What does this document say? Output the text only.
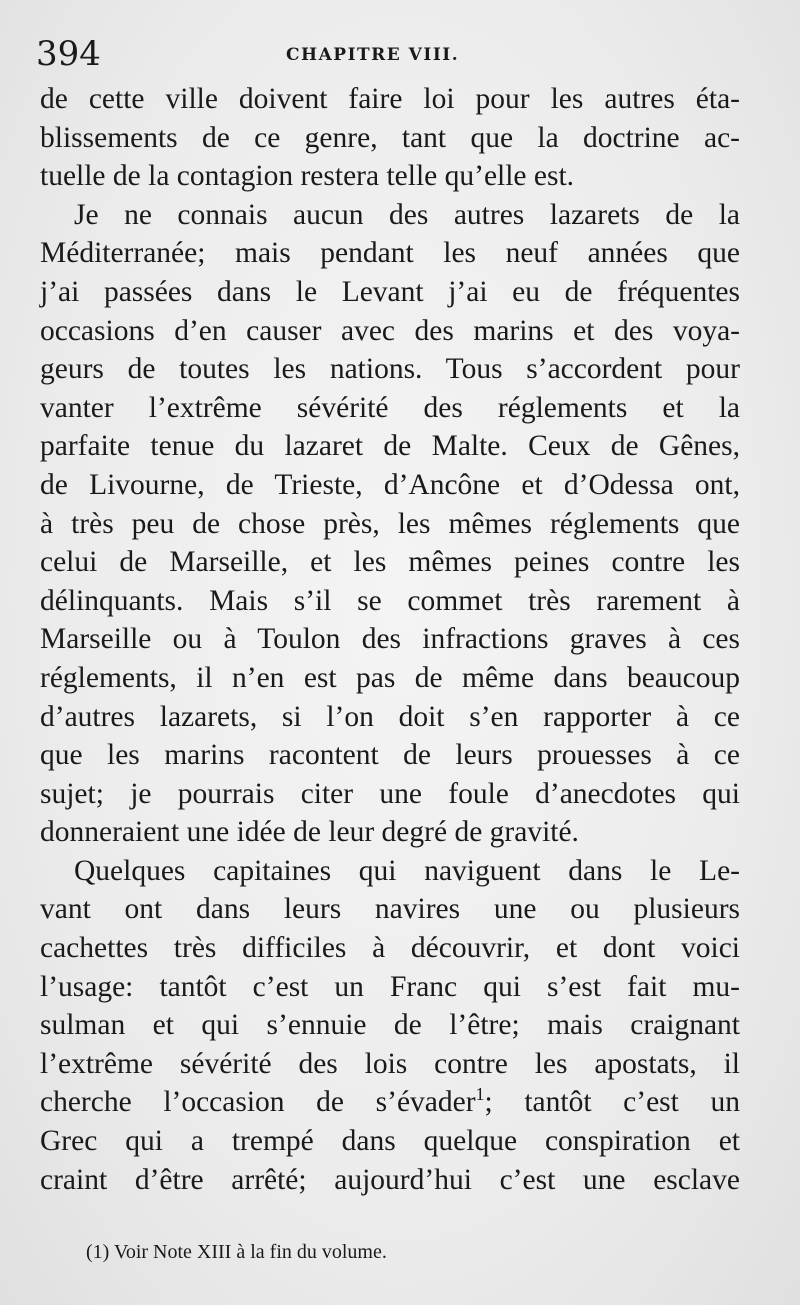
394	CHAPITRE VIII.
de cette ville doivent faire loi pour les autres éta-
blissements de ce genre, tant que la doctrine ac-
tuelle de la contagion restera telle qu’elle est.
Je ne connais aucun des autres lazarets de la
Méditerranée; mais pendant les neuf années que
j’ai passées dans le Levant j’ai eu de fréquentes
occasions d’en causer avec des marins et des voya-
geurs de toutes les nations. Tous s’accordent pour
vanter l’extrême sévérité des réglements et la
parfaite tenue du lazaret de Malte. Ceux de Gênes,
de Livourne, de Trieste, d’Ancône et d’Odessa ont,
à très peu de chose près, les mêmes réglements que
celui de Marseille, et les mêmes peines contre les
délinquants. Mais s’il se commet très rarement à
Marseille ou à Toulon des infractions graves à ces
réglements, il n’en est pas de même dans beaucoup
d’autres lazarets, si l’on doit s’en rapporter à ce
que les marins racontent de leurs prouesses à ce
sujet; je pourrais citer une foule d’anecdotes qui
donneraient une idée de leur degré de gravité.
Quelques capitaines qui naviguent dans le Le-
vant ont dans leurs navires une ou plusieurs
cachettes très difficiles à découvrir, et dont voici
l’usage: tantôt c’est un Franc qui s’est fait mu-
sulman et qui s’ennuie de l’être; mais craignant
l’extrême sévérité des lois contre les apostats, il
cherche l’occasion de s’évader$^1$; tantôt c’est un
Grec qui a trempé dans quelque conspiration et
craint d’être arrêté; aujourd’hui c’est une esclave
(1) Voir Note XIII à la fin du volume.
